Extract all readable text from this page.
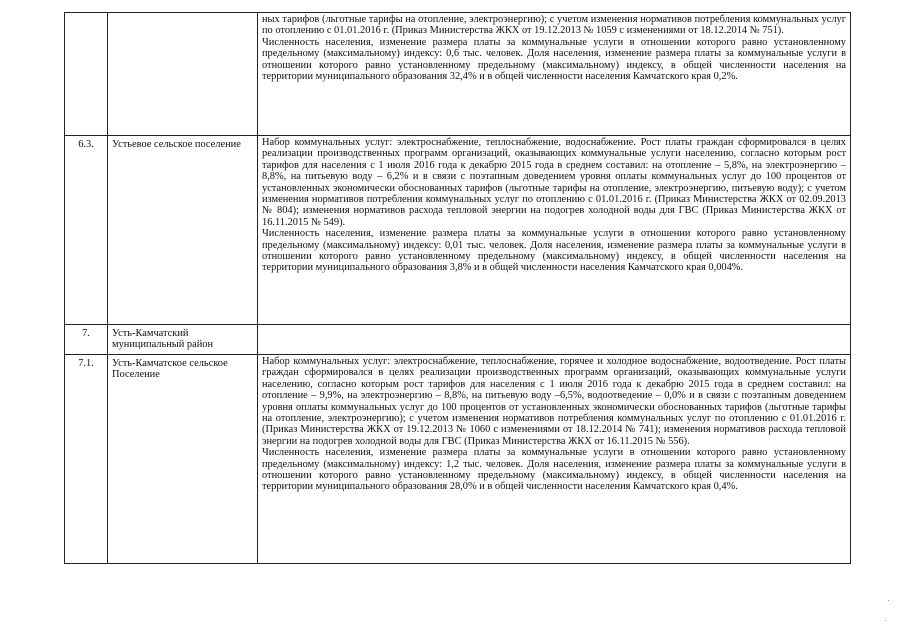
		ных тарифов (льготные тарифы на отопление, электроэнергию); с учетом изменения нормативов потребления коммунальных услуг по отоплению с 01.01.2016 г. (Приказ Министерства ЖКХ от 19.12.2013 № 1059 с изменениями от 18.12.2014 № 751).

Численность населения, изменение размера платы за коммунальные услуги в отношении которого равно установленному предельному (максимальному) индексу: 0,6 тыс. человек. Доля населения, изменение размера платы за коммунальные услуги в отношении которого равно установленному предельному (максимальному) индексу, в общей численности населения на территории муниципального образования 32,4% и в общей численности населения Камчатского края 0,2%.

6.3.	Устьевое сельское поселение	Набор коммунальных услуг: электроснабжение, теплоснабжение, водоснабжение. Рост платы граждан сформировался в целях реализации производственных программ организаций, оказывающих коммунальные услуги населению, согласно которым рост тарифов для населения с 1 июля 2016 года к декабрю 2015 года в среднем составил: на отопление – 5,8%, на электроэнергию – 8,8%, на питьевую воду – 6,2% и в связи с поэтапным доведением уровня оплаты коммунальных услуг до 100 процентов от установленных экономически обоснованных тарифов (льготные тарифы на отопление, электроэнергию, питьевую воду); с учетом изменения нормативов потребления коммунальных услуг по отоплению с 01.01.2016 г. (Приказ Министерства ЖКХ от 02.09.2013 № 804); изменения нормативов расхода тепловой энергии на подогрев холодной воды для ГВС (Приказ Министерства ЖКХ от 16.11.2015 № 549).

Численность населения, изменение размера платы за коммунальные услуги в отношении которого равно установленному предельному (максимальному) индексу: 0,01 тыс. человек. Доля населения, изменение размера платы за коммунальные услуги в отношении которого равно установленному предельному (максимальному) индексу, в общей численности населения на территории муниципального образования 3,8% и в общей численности населения Камчатского края 0,004%.

7.	Усть-Камчатский муниципальный район	

7.1.	Усть-Камчатское сельское Поселение	Набор коммунальных услуг: электроснабжение, теплоснабжение, горячее и холодное водоснабжение, водоотведение. Рост платы граждан сформировался в целях реализации производственных программ организаций, оказывающих коммунальные услуги населению, согласно которым рост тарифов для населения с 1 июля 2016 года к декабрю 2015 года в среднем составил: на отопление – 9,9%, на электроэнергию – 8,8%, на питьевую воду –6,5%, водоотведение – 0,0% и в связи с поэтапным доведением уровня оплаты коммунальных услуг до 100 процентов от установленных экономически обоснованных тарифов (льготные тарифы на отопление, электроэнергию); с учетом изменения нормативов потребления коммунальных услуг по отоплению с 01.01.2016 г. (Приказ Министерства ЖКХ от 19.12.2013 № 1060 с изменениями от 18.12.2014 № 741); изменения нормативов расхода тепловой энергии на подогрев холодной воды для ГВС (Приказ Министерства ЖКХ от 16.11.2015 № 556).

Численность населения, изменение размера платы за коммунальные услуги в отношении которого равно установленному предельному (максимальному) индексу: 1,2 тыс. человек. Доля населения, изменение размера платы за коммунальные услуги в отношении которого равно установленному предельному (максимальному) индексу, в общей численности населения на территории муниципального образования 28,0% и в общей численности населения Камчатского края 0,4%.
